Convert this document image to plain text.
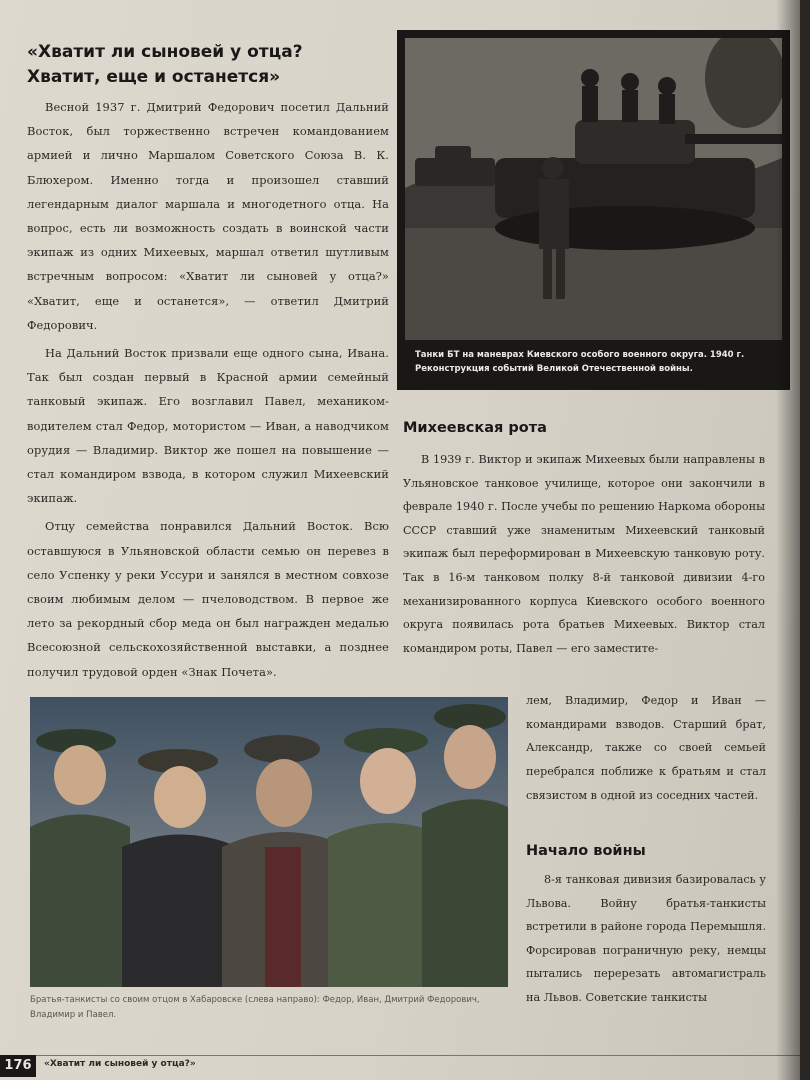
«Хватит ли сыновей у отца?
Хватит, еще и останется»

Весной 1937 г. Дмитрий Федорович посетил Дальний Восток, был торжественно встречен командованием армией и лично Маршалом Советского Союза В. К. Блюхером. Именно тогда и произошел ставший легендарным диалог маршала и многодетного отца. На вопрос, есть ли возможность создать в воинской части экипаж из одних Михеевых, маршал ответил шутливым встречным вопросом: «Хватит ли сыновей у отца?» «Хватит, еще и останется», — ответил Дмитрий Федорович.

На Дальний Восток призвали еще одного сына, Ивана. Так был создан первый в Красной армии семейный танковый экипаж. Его возглавил Павел, механиком-водителем стал Федор, мотористом — Иван, а наводчиком орудия — Владимир. Виктор же пошел на повышение — стал командиром взвода, в котором служил Михеевский экипаж.

Отцу семейства понравился Дальний Восток. Всю оставшуюся в Ульяновской области семью он перевез в село Успенку у реки Уссури и занялся в местном совхозе своим любимым делом — пчеловодством. В первое же лето за рекордный сбор меда он был награжден медалью Всесоюзной сельскохозяйственной выставки, а позднее получил трудовой орден «Знак Почета».

Танки БТ на маневрах Киевского особого военного округа. 1940 г. Реконструкция событий Великой Отечественной войны.
Михеевская рота

В 1939 г. Виктор и экипаж Михеевых были направлены в Ульяновское танковое училище, которое они закончили в феврале 1940 г. После учебы по решению Наркома обороны СССР ставший уже знаменитым Михеевский танковый экипаж был переформирован в Михеевскую танковую роту. Так в 16-м танковом полку 8-й танковой дивизии 4-го механизированного корпуса Киевского особого военного округа появилась рота братьев Михеевых. Виктор стал командиром роты, Павел — его заместите-

лем, Владимир, Федор и Иван — командирами взводов. Старший брат, Александр, также со своей семьей перебрался поближе к братьям и стал связистом в одной из соседних частей.

Начало войны

8-я танковая дивизия базировалась у Львова. Войну братья-танкисты встретили в районе города Перемышля. Форсировав пограничную реку, немцы пытались перерезать автомагистраль на Львов. Советские танкисты

Братья-танкисты со своим отцом в Хабаровске (слева направо): Федор, Иван, Дмитрий Федорович, Владимир и Павел.
176	«Хватит ли сыновей у отца?»
